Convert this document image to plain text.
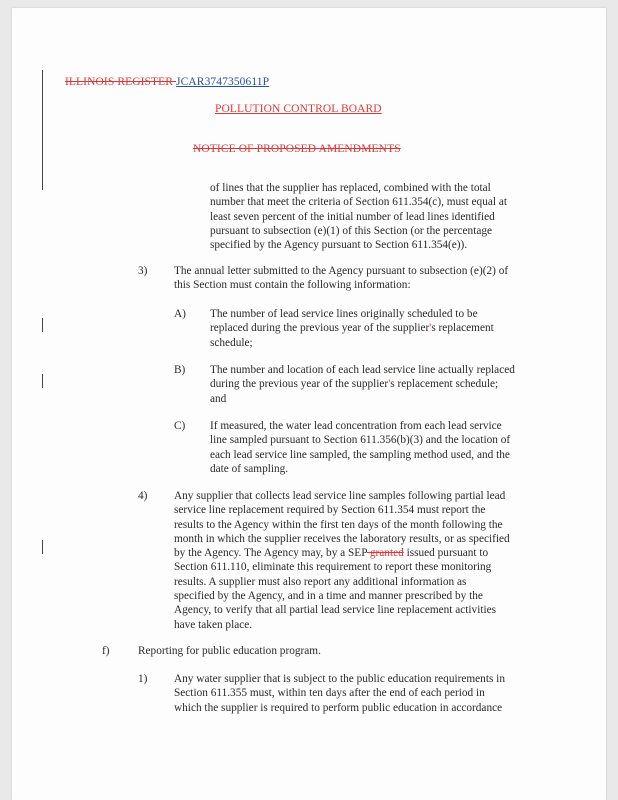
ILLINOIS REGISTER JCAR3747350611P
POLLUTION CONTROL BOARD
NOTICE OF PROPOSED AMENDMENTS
of lines that the supplier has replaced, combined with the total
number that meet the criteria of Section 611.354(c), must equal at
least seven percent of the initial number of lead lines identified
pursuant to subsection (e)(1) of this Section (or the percentage
specified by the Agency pursuant to Section 611.354(e)).
3) The annual letter submitted to the Agency pursuant to subsection (e)(2) of
this Section must contain the following information:
A) The number of lead service lines originally scheduled to be
replaced during the previous year of the supplier's replacement
schedule;
B) The number and location of each lead service line actually replaced
during the previous year of the supplier's replacement schedule;
and
C) If measured, the water lead concentration from each lead service
line sampled pursuant to Section 611.356(b)(3) and the location of
each lead service line sampled, the sampling method used, and the
date of sampling.
4) Any supplier that collects lead service line samples following partial lead
service line replacement required by Section 611.354 must report the
results to the Agency within the first ten days of the month following the
month in which the supplier receives the laboratory results, or as specified
by the Agency. The Agency may, by a SEP granted issued pursuant to
Section 611.110, eliminate this requirement to report these monitoring
results. A supplier must also report any additional information as
specified by the Agency, and in a time and manner prescribed by the
Agency, to verify that all partial lead service line replacement activities
have taken place.
f)	Reporting for public education program.
1) Any water supplier that is subject to the public education requirements in
Section 611.355 must, within ten days after the end of each period in
which the supplier is required to perform public education in accordance
